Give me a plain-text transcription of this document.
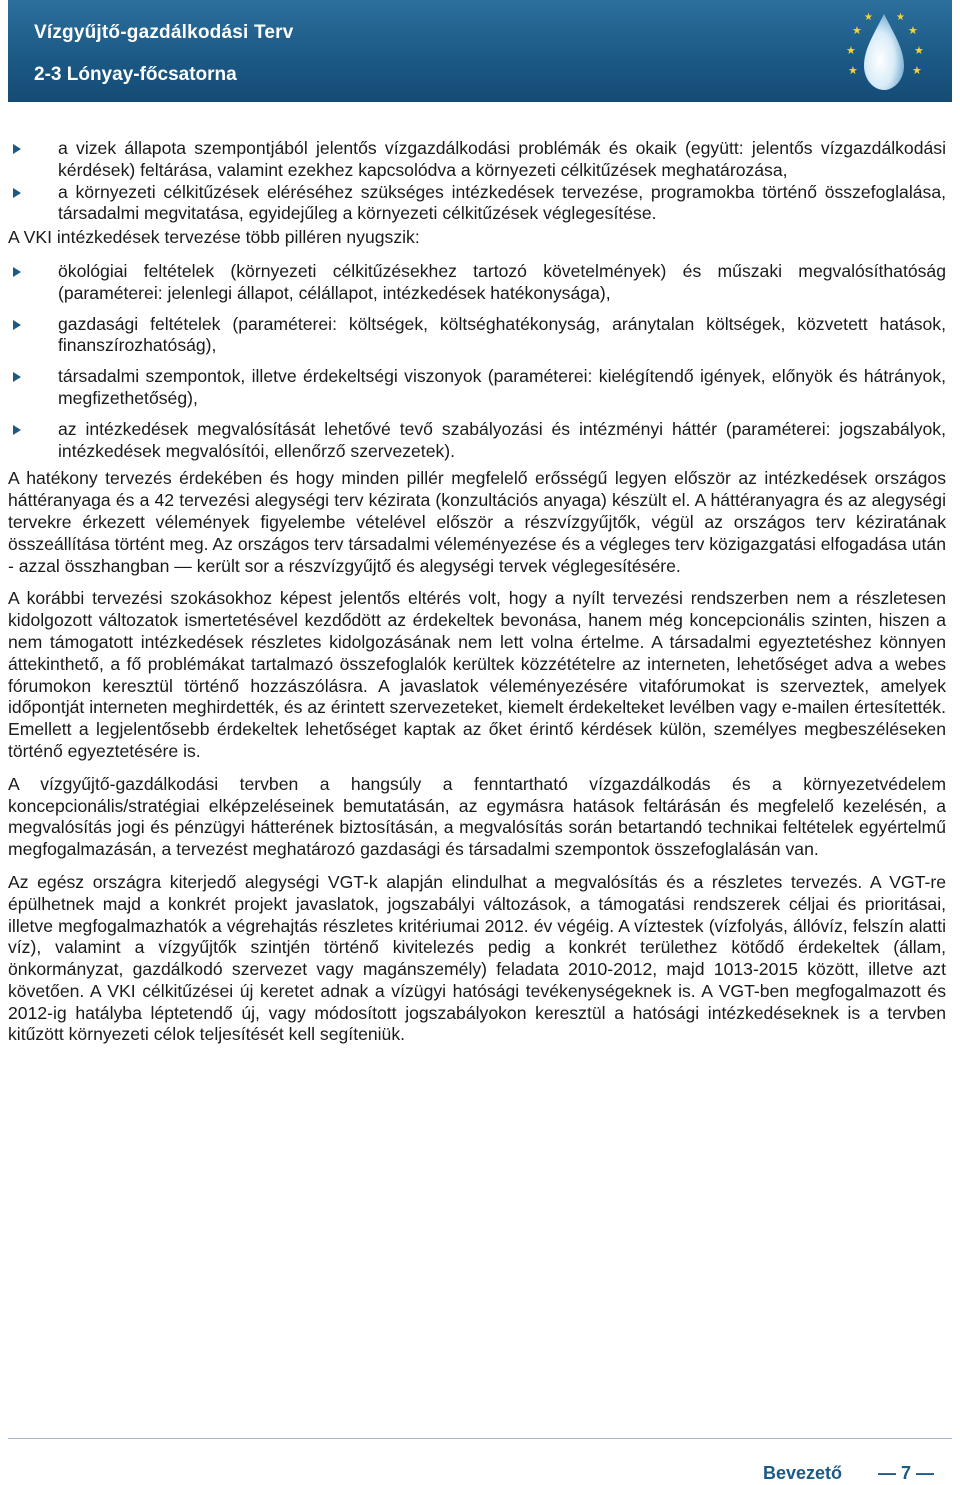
Vízgyűjtő-gazdálkodási Terv
2-3 Lónyay-főcsatorna
★
★
★
★
★
★
★ ★
a vizek állapota szempontjából jelentős vízgazdálkodási problémák és okaik (együtt: jelentős vízgazdálkodási kérdések) feltárása, valamint ezekhez kapcsolódva a környezeti célkitűzések meghatározása,
a környezeti célkitűzések eléréséhez szükséges intézkedések tervezése, programokba történő összefoglalása, társadalmi megvitatása, egyidejűleg a környezeti célkitűzések véglegesítése.

A VKI intézkedések tervezése több pilléren nyugszik:

ökológiai feltételek (környezeti célkitűzésekhez tartozó követelmények) és műszaki megvalósíthatóság (paraméterei: jelenlegi állapot, célállapot, intézkedések hatékonysága),
gazdasági feltételek (paraméterei: költségek, költséghatékonyság, aránytalan költségek, közvetett hatások, finanszírozhatóság),
társadalmi szempontok, illetve érdekeltségi viszonyok (paraméterei: kielégítendő igények, előnyök és hátrányok, megfizethetőség),
az intézkedések megvalósítását lehetővé tevő szabályozási és intézményi háttér (paraméterei: jogszabályok, intézkedések megvalósítói, ellenőrző szervezetek).

A hatékony tervezés érdekében és hogy minden pillér megfelelő erősségű legyen először az intézkedések országos háttéranyaga és a 42 tervezési alegységi terv kézirata (konzultációs anyaga) készült el. A háttéranyagra és az alegységi tervekre érkezett vélemények figyelembe vételével először a részvízgyűjtők, végül az országos terv kéziratának összeállítása történt meg. Az országos terv társadalmi véleményezése és a végleges terv közigazgatási elfogadása után - azzal összhangban — került sor a részvízgyűjtő és alegységi tervek véglegesítésére.

A korábbi tervezési szokásokhoz képest jelentős eltérés volt, hogy a nyílt tervezési rendszerben nem a részletesen kidolgozott változatok ismertetésével kezdődött az érdekeltek bevonása, hanem még koncepcionális szinten, hiszen a nem támogatott intézkedések részletes kidolgozásának nem lett volna értelme. A társadalmi egyeztetéshez könnyen áttekinthető, a fő problémákat tartalmazó összefoglalók kerültek közzétételre az interneten, lehetőséget adva a webes fórumokon keresztül történő hozzászólásra. A javaslatok véleményezésére vitafórumokat is szerveztek, amelyek időpontját interneten meghirdették, és az érintett szervezeteket, kiemelt érdekelteket levélben vagy e-mailen értesítették. Emellett a legjelentősebb érdekeltek lehetőséget kaptak az őket érintő kérdések külön, személyes megbeszéléseken történő egyeztetésére is.

A vízgyűjtő-gazdálkodási tervben a hangsúly a fenntartható vízgazdálkodás és a környezetvédelem koncepcionális/stratégiai elképzeléseinek bemutatásán, az egymásra hatások feltárásán és megfelelő kezelésén, a megvalósítás jogi és pénzügyi hátterének biztosításán, a megvalósítás során betartandó technikai feltételek egyértelmű megfogalmazásán, a tervezést meghatározó gazdasági és társadalmi szempontok összefoglalásán van.

Az egész országra kiterjedő alegységi VGT-k alapján elindulhat a megvalósítás és a részletes tervezés. A VGT-re épülhetnek majd a konkrét projekt javaslatok, jogszabályi változások, a támogatási rendszerek céljai és prioritásai, illetve megfogalmazhatók a végrehajtás részletes kritériumai 2012. év végéig. A víztestek (vízfolyás, állóvíz, felszín alatti víz), valamint a vízgyűjtők szintjén történő kivitelezés pedig a konkrét területhez kötődő érdekeltek (állam, önkormányzat, gazdálkodó szervezet vagy magánszemély) feladata 2010-2012, majd 1013-2015 között, illetve azt követően. A VKI célkitűzései új keretet adnak a vízügyi hatósági tevékenységeknek is. A VGT-ben megfogalmazott és 2012-ig hatályba léptetendő új, vagy módosított jogszabályokon keresztül a hatósági intézkedéseknek is a tervben kitűzött környezeti célok teljesítését kell segíteniük.

Bevezető — 7 —
